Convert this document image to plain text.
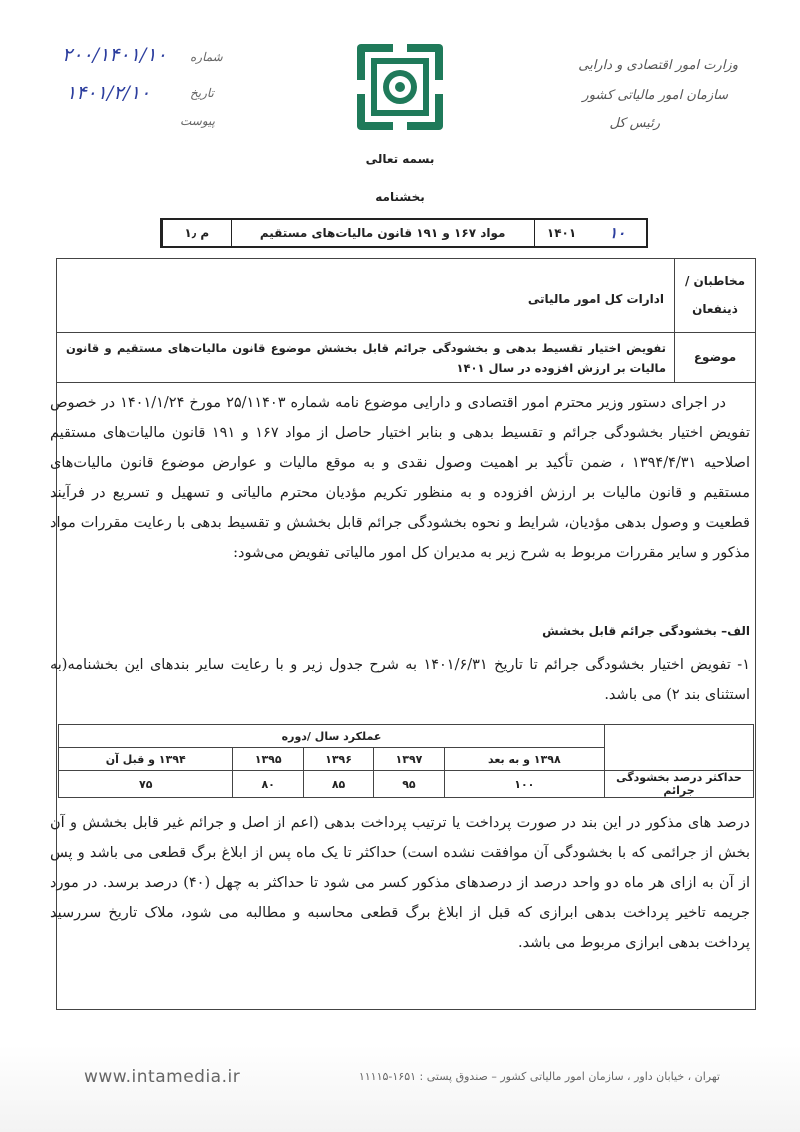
۲۰۰/۱۴۰۱/۱۰ شماره
۱۴۰۱/۲/۱۰	تاریخ
پیوست
وزارت امور اقتصادی و دارایی
سازمان امور مالیاتی کشور
رئیس کل
بسمه تعالی
بخشنامه
م ۱٫	مواد ۱۶۷ و ۱۹۱ قانون مالیات‌های مستقیم	۱۴۰۱	۱۰
مخاطبان /
ذینفعان
ادارات کل امور مالیاتی
موضوع
تفویض اختیار تقسیط بدهی و بخشودگی جرائم قابل بخشش موضوع قانون مالیات‌های مستقیم و قانون مالیات بر ارزش افزوده در سال ۱۴۰۱
در اجرای دستور وزیر محترم امور اقتصادی و دارایی موضوع نامه شماره ۲۵/۱۱۴۰۳ مورخ ۱۴۰۱/۱/۲۴ در خصوص تفویض اختیار بخشودگی جرائم و تقسیط بدهی و بنابر اختیار حاصل از مواد ۱۶۷ و ۱۹۱ قانون مالیات‌های مستقیم اصلاحیه ۱۳۹۴/۴/۳۱ ، ضمن تأکید بر اهمیت وصول نقدی و به موقع مالیات و عوارض موضوع قانون مالیات‌های مستقیم و قانون مالیات بر ارزش افزوده و به منظور تکریم مؤدیان محترم مالیاتی و تسهیل و تسریع در فرآیند قطعیت و وصول بدهی مؤدیان، شرایط و نحوه بخشودگی جرائم قابل بخشش و تقسیط بدهی با رعایت مقررات مواد مذکور و سایر مقررات مربوط به شرح زیر به مدیران کل امور مالیاتی تفویض می‌شود:
الف– بخشودگی جرائم قابل بخشش
۱- تفویض اختیار بخشودگی جرائم تا تاریخ ۱۴۰۱/۶/۳۱ به شرح جدول زیر و با رعایت سایر بندهای این بخشنامه(به استثنای بند ۲) می باشد.
	عملکرد سال /دوره				
	۱۳۹۸ و به بعد	۱۳۹۷	۱۳۹۶	۱۳۹۵	۱۳۹۴ و قبل آن
حداکثر درصد بخشودگی جرائم	۱۰۰	۹۵	۸۵	۸۰	۷۵
درصد های مذکور در این بند در صورت پرداخت یا ترتیب پرداخت بدهی (اعم از اصل و جرائم غیر قابل بخشش و آن بخش از جرائمی که با بخشودگی آن موافقت نشده است) حداکثر تا یک ماه پس از ابلاغ برگ قطعی می باشد و پس از آن به ازای هر ماه دو واحد درصد از درصدهای مذکور کسر می شود تا حداکثر به چهل (۴۰) درصد برسد. در مورد جریمه تاخیر پرداخت بدهی ابرازی که قبل از ابلاغ برگ قطعی محاسبه و مطالبه می شود، ملاک تاریخ سررسید پرداخت بدهی ابرازی مربوط می باشد.
www.intamedia.ir	تهران ، خیابان داور ، سازمان امور مالیاتی کشور – صندوق پستی : ۱۶۵۱-۱۱۱۱۵
